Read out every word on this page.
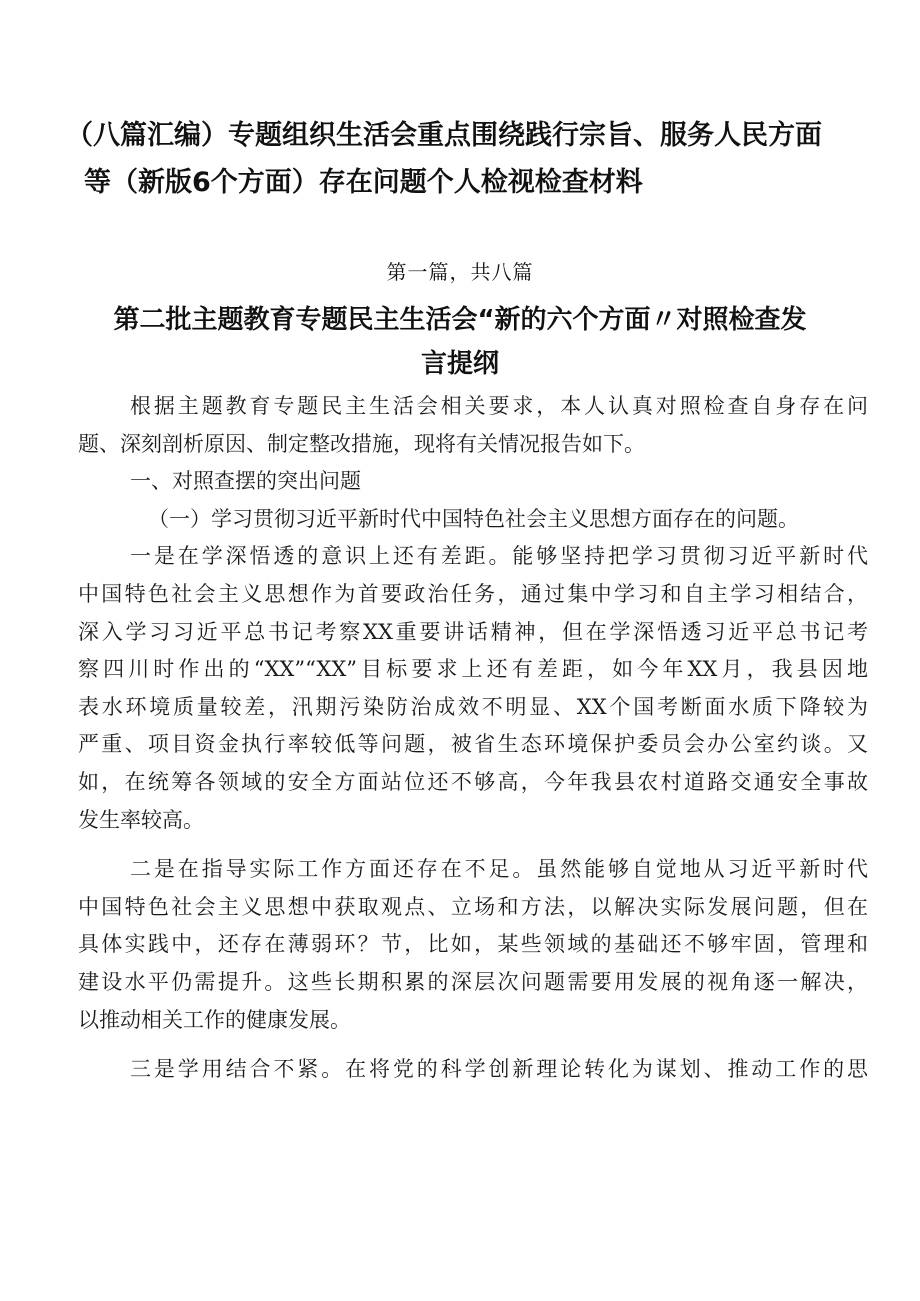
（八篇汇编）专题组织生活会重点围绕践行宗旨、服务人民方面
等（新版6个方面）存在问题个人检视检查材料

第一篇，共八篇

第二批主题教育专题民主生活会“新的六个方面〃对照检查发
言提纲
根据主题教育专题民主生活会相关要求，本人认真对照检查自身存在问
题、深刻剖析原因、制定整改措施，现将有关情况报告如下。
一、对照查摆的突出问题
（一）学习贯彻习近平新时代中国特色社会主义思想方面存在的问题。
一是在学深悟透的意识上还有差距。能够坚持把学习贯彻习近平新时代
中国特色社会主义思想作为首要政治任务，通过集中学习和自主学习相结合，
深入学习习近平总书记考察XX重要讲话精神，但在学深悟透习近平总书记考
察四川时作出的“XX”“XX”目标要求上还有差距，如今年XX月，我县因地
表水环境质量较差，汛期污染防治成效不明显、XX个国考断面水质下降较为
严重、项目资金执行率较低等问题，被省生态环境保护委员会办公室约谈。又
如，在统筹各领域的安全方面站位还不够高，今年我县农村道路交通安全事故
发生率较高。
二是在指导实际工作方面还存在不足。虽然能够自觉地从习近平新时代
中国特色社会主义思想中获取观点、立场和方法，以解决实际发展问题，但在
具体实践中，还存在薄弱环？节，比如，某些领域的基础还不够牢固，管理和
建设水平仍需提升。这些长期积累的深层次问题需要用发展的视角逐一解决，
以推动相关工作的健康发展。
三是学用结合不紧。在将党的科学创新理论转化为谋划、推动工作的思
